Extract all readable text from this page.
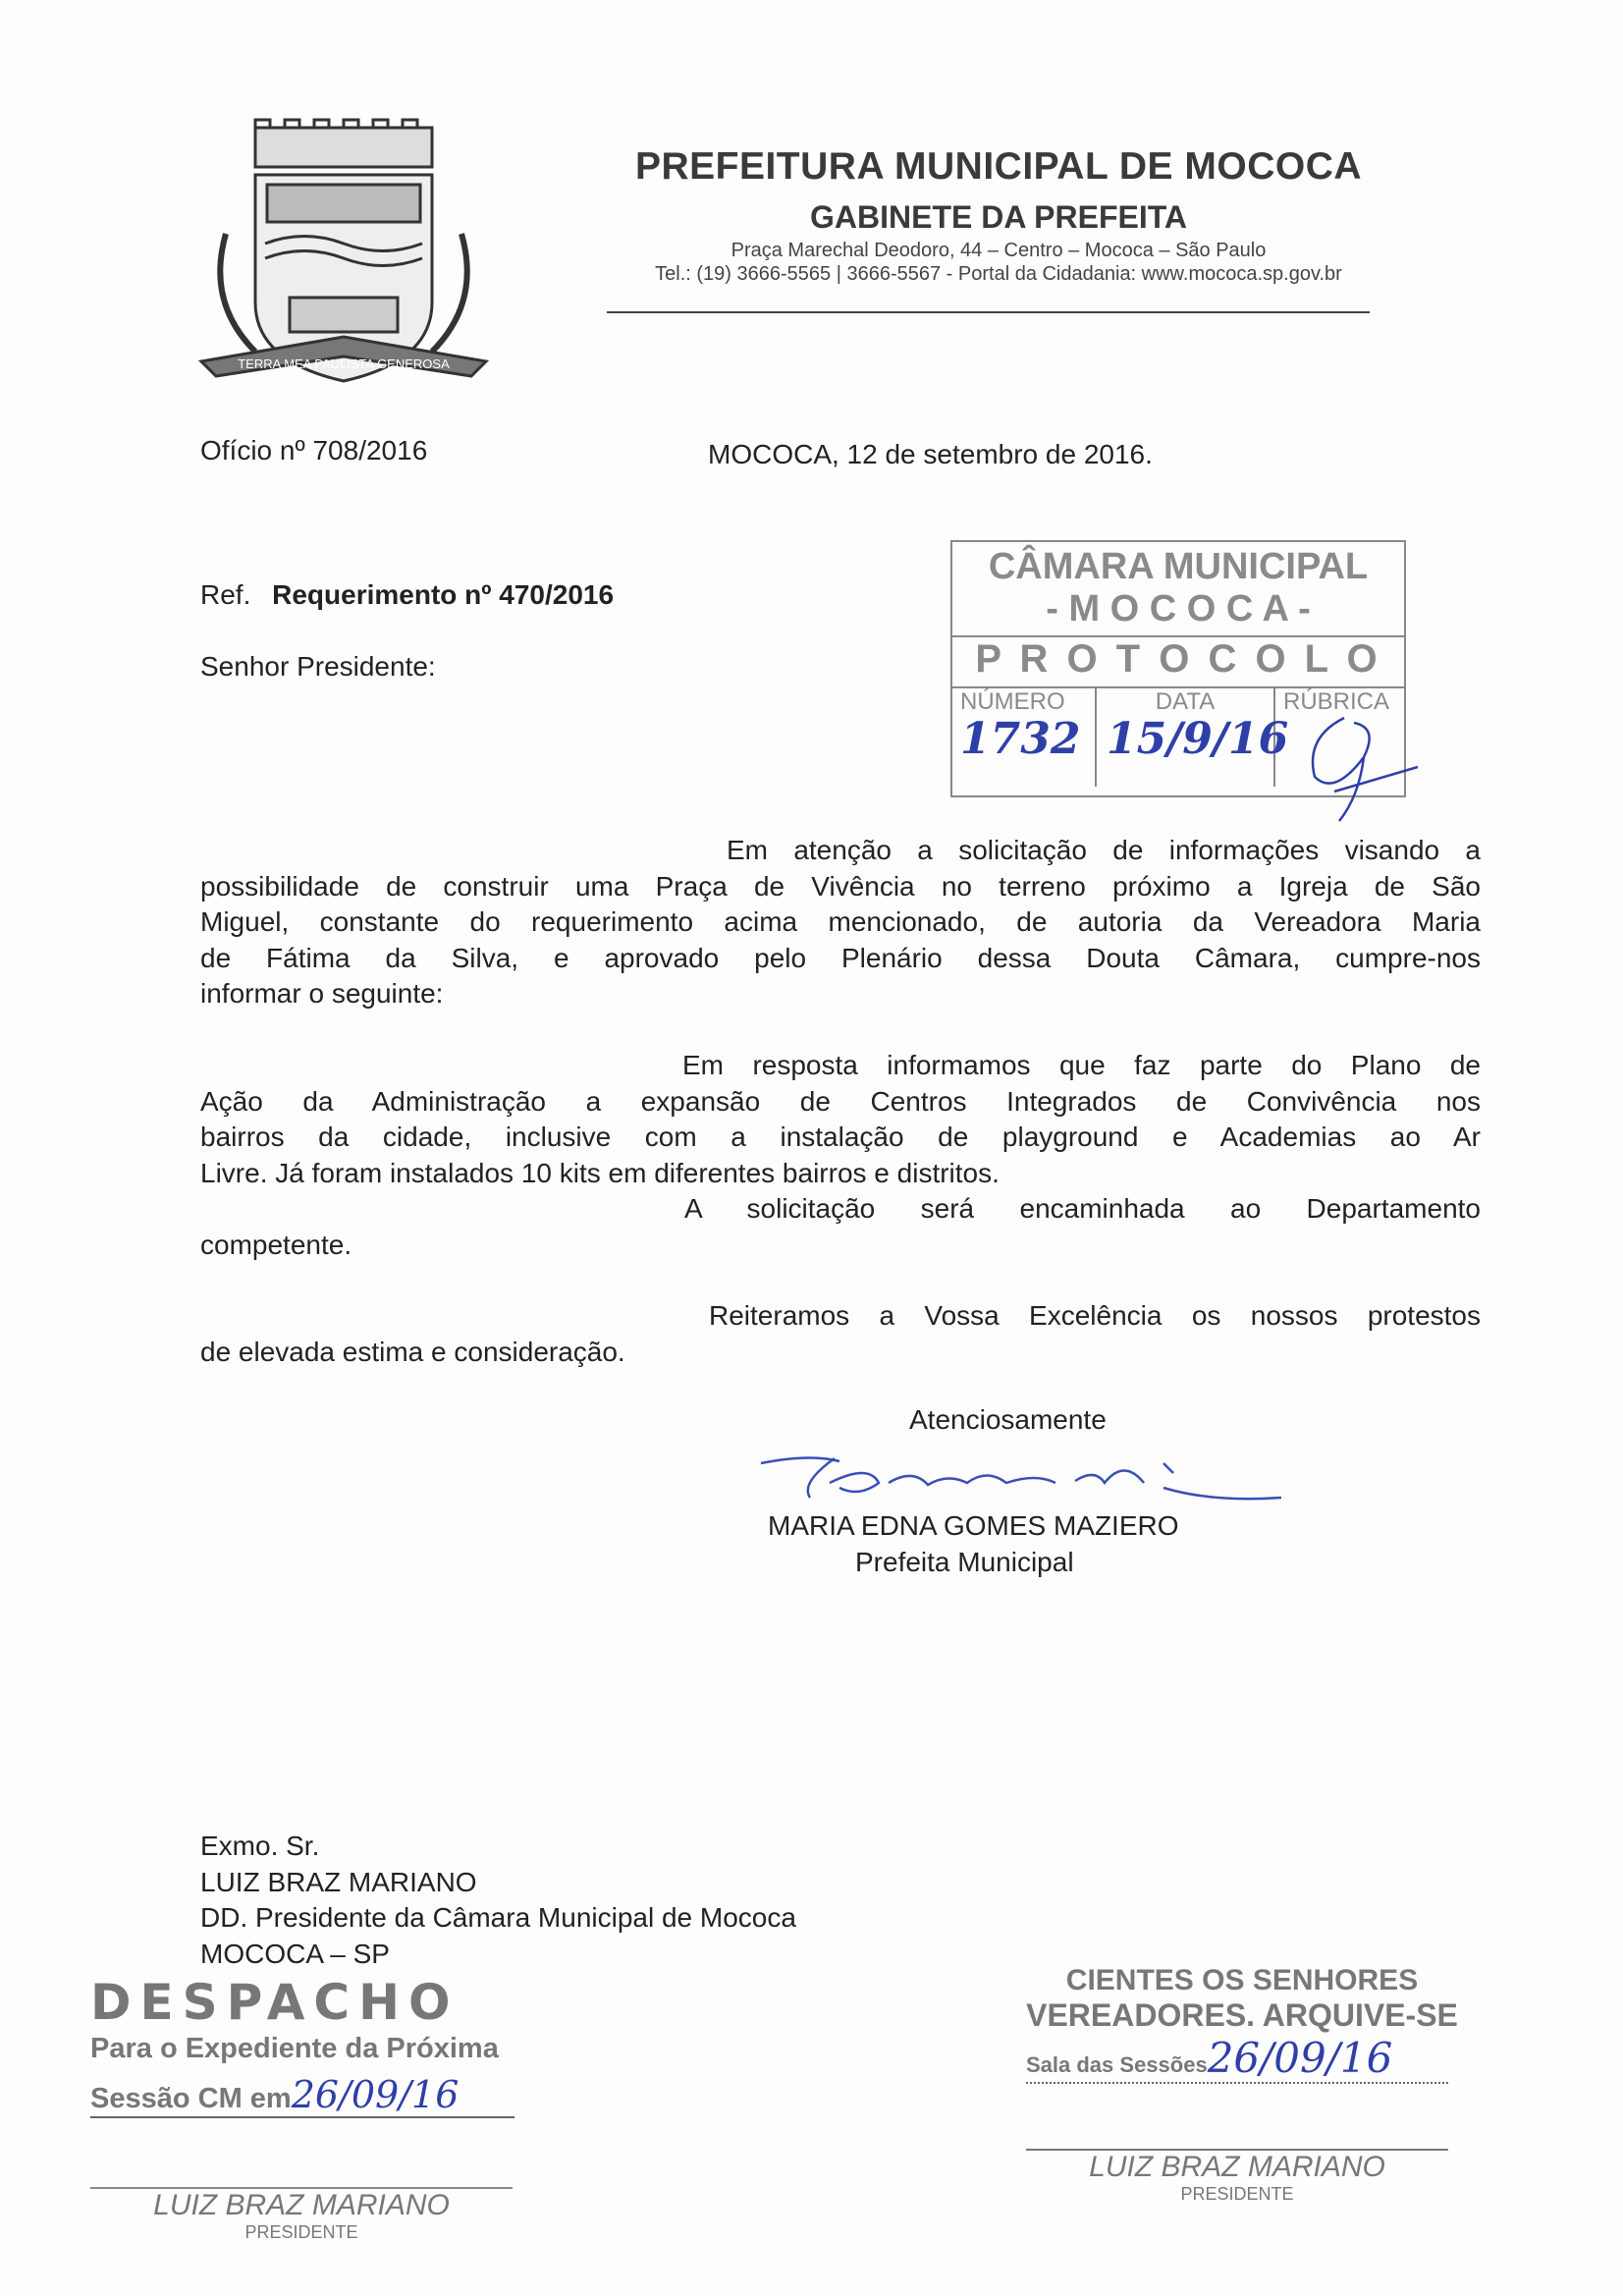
TERRA MEA PAULISTA GENEROSA
PREFEITURA MUNICIPAL DE MOCOCA
GABINETE DA PREFEITA
Praça Marechal Deodoro, 44 – Centro – Mococa – São Paulo
Tel.: (19) 3666-5565 | 3666-5567 - Portal da Cidadania: www.mococa.sp.gov.br
Ofício nº 708/2016	MOCOCA, 12 de setembro de 2016.
Ref. Requerimento nº 470/2016
Senhor Presidente:
CÂMARA MUNICIPAL
- M O C O C A -
P R O T O C O L O
NÚMERO
1732
DATA
15/9/16
RÚBRICA
Em atenção a solicitação de informações visando a
possibilidade de construir uma Praça de Vivência no terreno próximo a Igreja de São
Miguel, constante do requerimento acima mencionado, de autoria da Vereadora Maria
de Fátima da Silva, e aprovado pelo Plenário dessa Douta Câmara, cumpre-nos
informar o seguinte:
Em resposta informamos que faz parte do Plano de
Ação da Administração a expansão de Centros Integrados de Convivência nos
bairros da cidade, inclusive com a instalação de playground e Academias ao Ar
Livre. Já foram instalados 10 kits em diferentes bairros e distritos.
A solicitação será encaminhada ao Departamento
competente.
Reiteramos a Vossa Excelência os nossos protestos
de elevada estima e consideração.
Atenciosamente
MARIA EDNA GOMES MAZIERO
Prefeita Municipal
Exmo. Sr.
LUIZ BRAZ MARIANO
DD. Presidente da Câmara Municipal de Mococa
MOCOCA – SP
DESPACHO
Para o Expediente da Próxima
Sessão CM em26/09/16
LUIZ BRAZ MARIANO
PRESIDENTE
CIENTES OS SENHORES
VEREADORES. ARQUIVE-SE
Sala das Sessões26/09/16
LUIZ BRAZ MARIANO
PRESIDENTE
